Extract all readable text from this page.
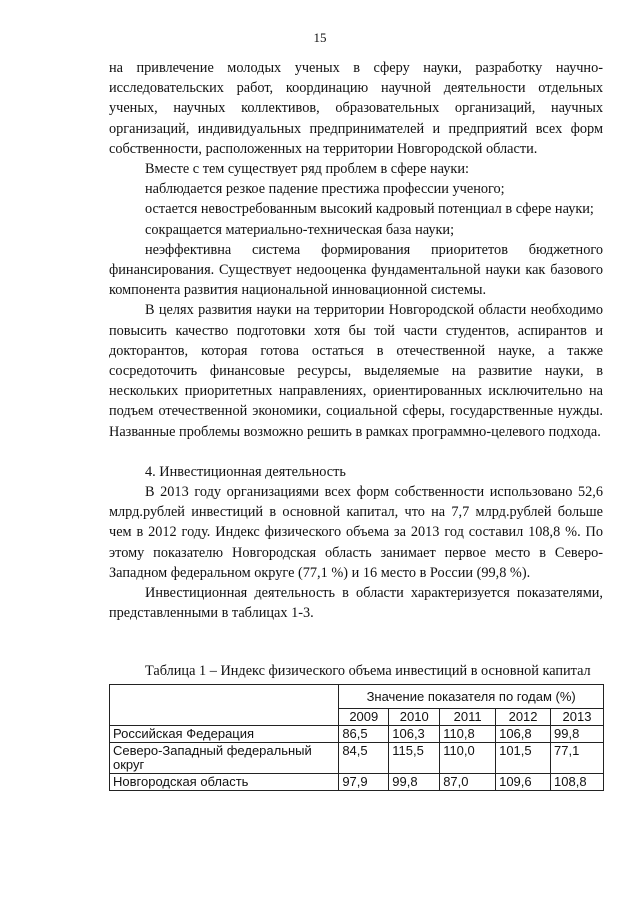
15

на привлечение молодых ученых в сферу науки, разработку научно-исследовательских работ, координацию научной деятельности отдельных ученых, научных коллективов, образовательных организаций, научных организаций, индивидуальных предпринимателей и предприятий всех форм собственности, расположенных на территории Новгородской области.

Вместе с тем существует ряд проблем в сфере науки:

наблюдается резкое падение престижа профессии ученого;

остается невостребованным высокий кадровый потенциал в сфере науки;

сокращается материально-техническая база науки;

неэффективна система формирования приоритетов бюджетного финансирования. Существует недооценка фундаментальной науки как базового компонента развития национальной инновационной системы.

В целях развития науки на территории Новгородской области необходимо повысить качество подготовки хотя бы той части студентов, аспирантов и докторантов, которая готова остаться в отечественной науке, а также сосредоточить финансовые ресурсы, выделяемые на развитие науки, в нескольких приоритетных направлениях, ориентированных исключительно на подъем отечественной экономики, социальной сферы, государственные нужды. Названные проблемы возможно решить в рамках программно-целевого подхода.

4. Инвестиционная деятельность

В 2013 году организациями всех форм собственности использовано 52,6 млрд.рублей инвестиций в основной капитал, что на 7,7 млрд.рублей больше чем в 2012 году. Индекс физического объема за 2013 год составил 108,8 %. По этому показателю Новгородская область занимает первое место в Северо-Западном федеральном округе (77,1 %) и 16 место в России (99,8 %).

Инвестиционная деятельность в области характеризуется показателями, представленными в таблицах 1-3.

Таблица 1 – Индекс физического объема инвестиций в основной капитал
	Значение показателя по годам (%)				
	2009	2010	2011	2012	2013
Российская Федерация	86,5	106,3	110,8	106,8	99,8
Северо-Западный федеральный округ	84,5	115,5	110,0	101,5	77,1
Новгородская область	97,9	99,8	87,0	109,6	108,8
